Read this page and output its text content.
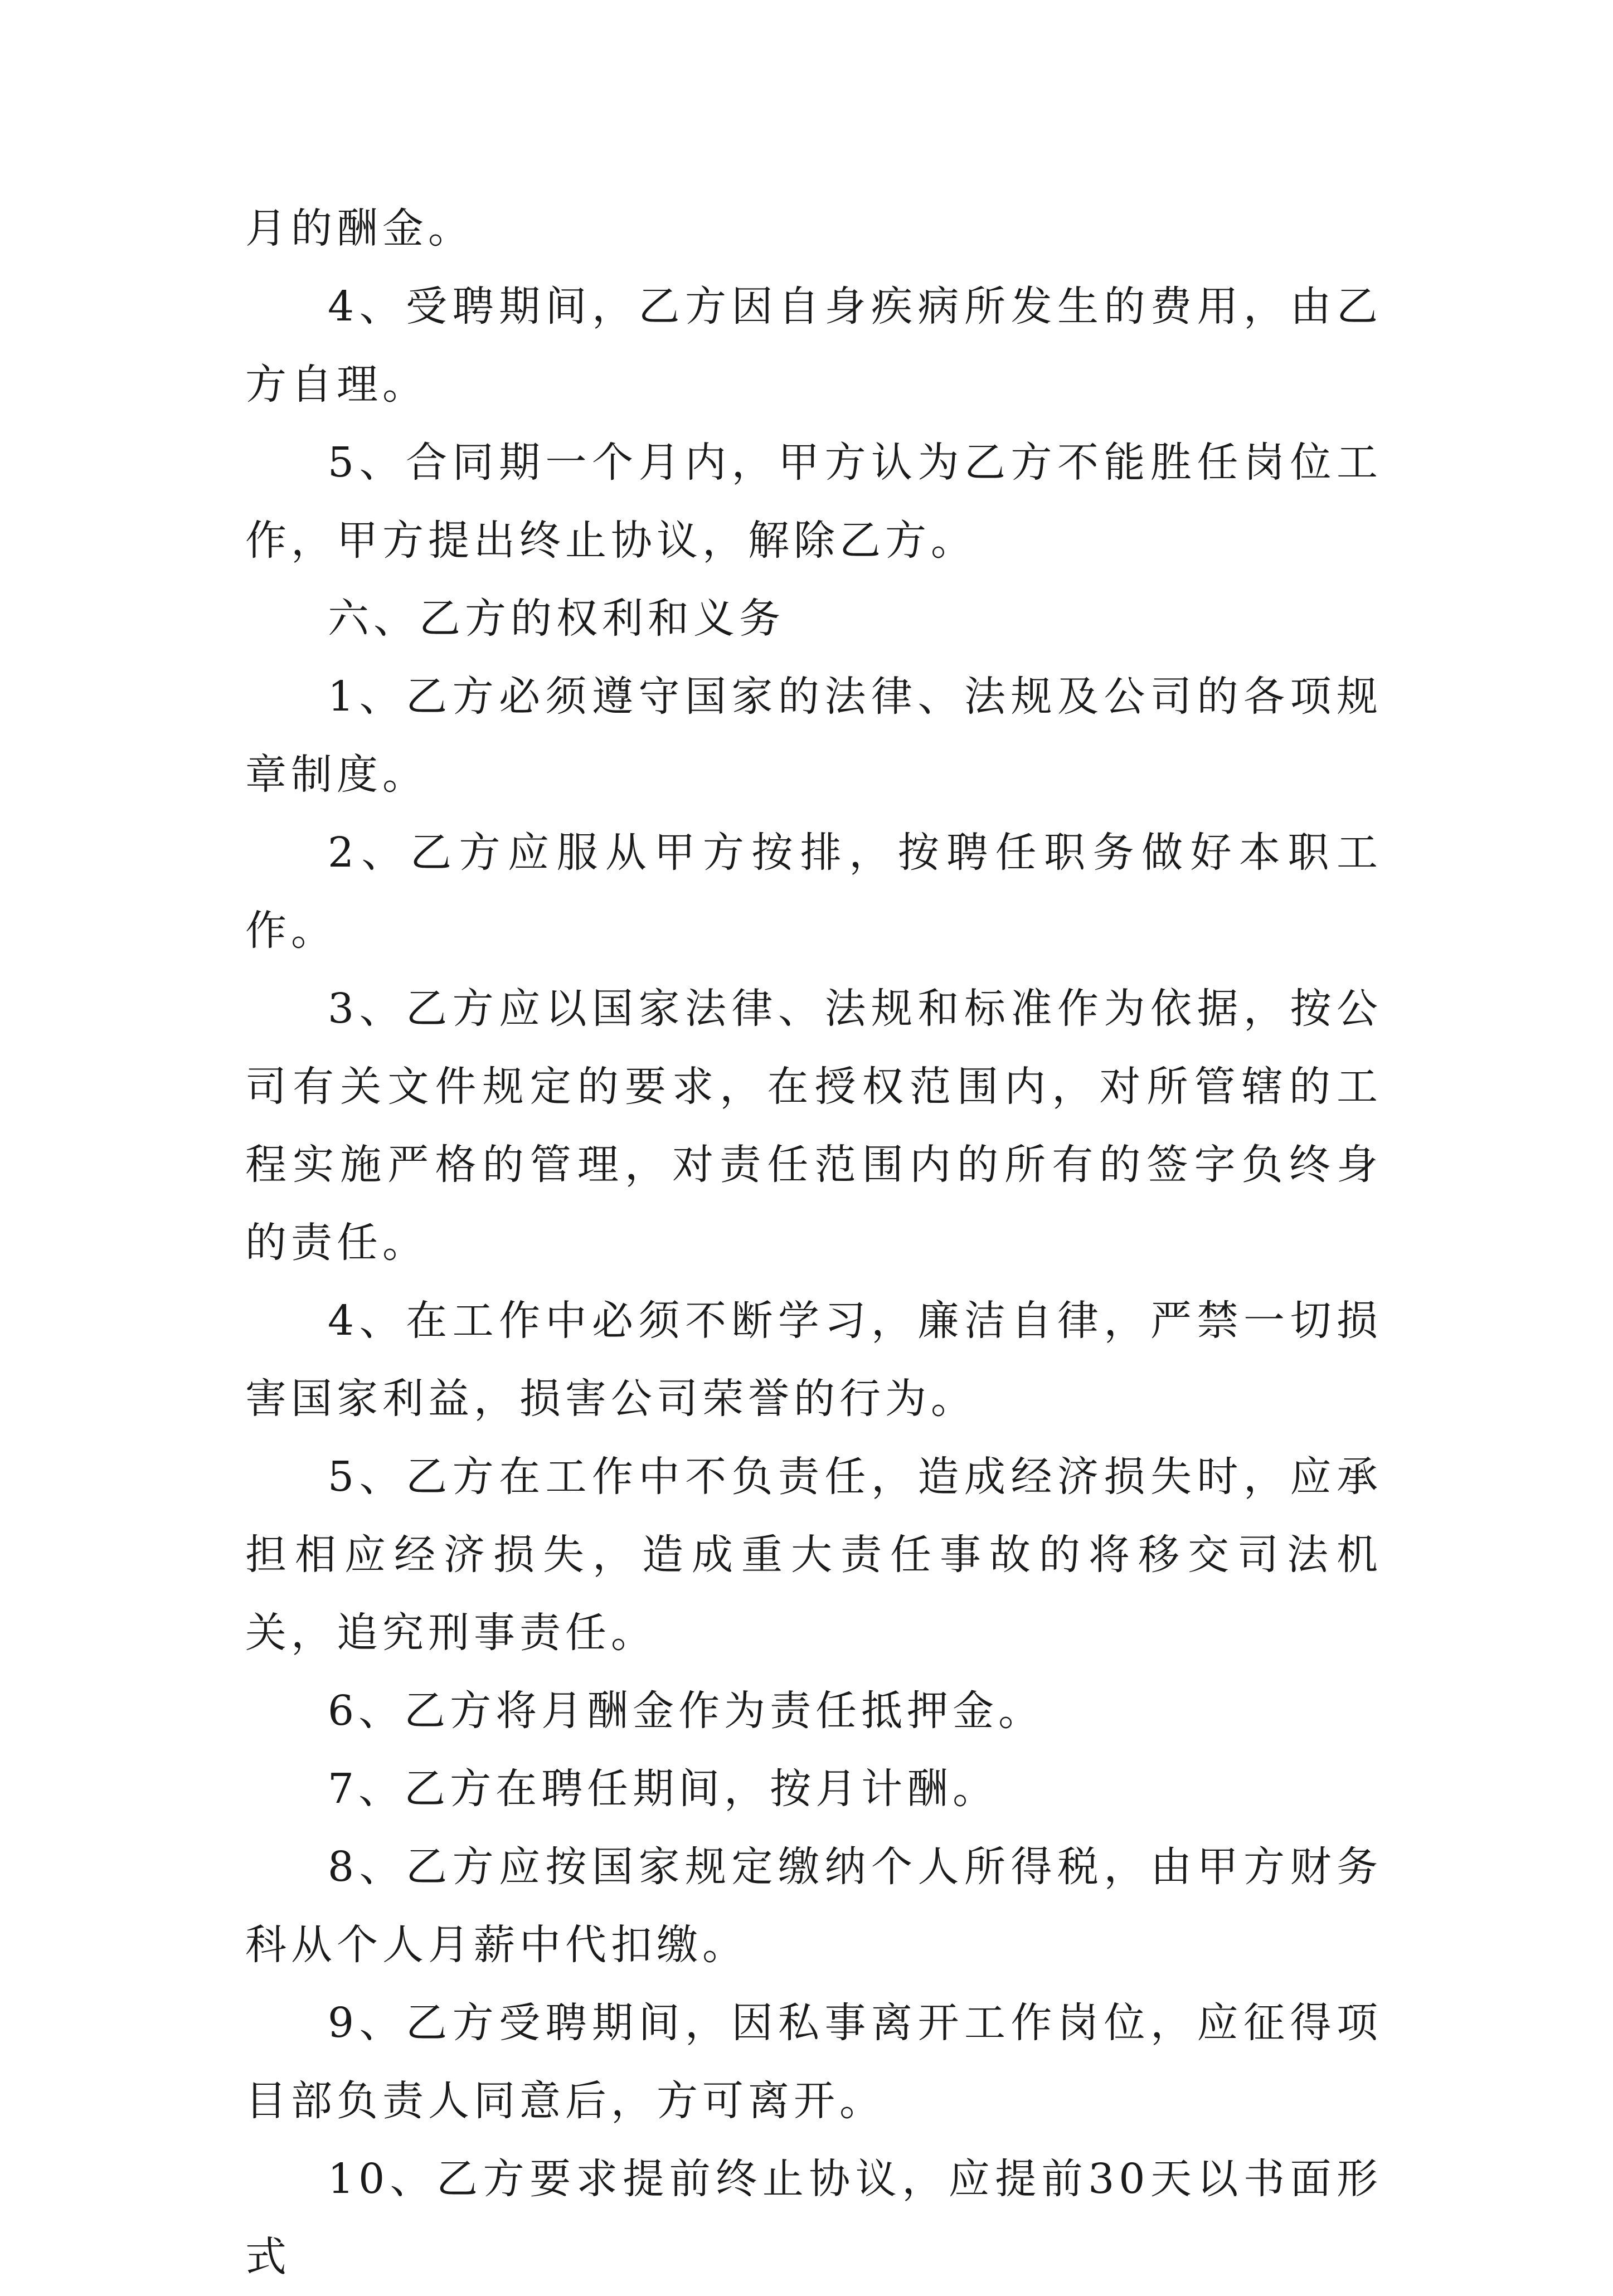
月的酬金。

4、受聘期间，乙方因自身疾病所发生的费用，由乙方自理。

5、合同期一个月内，甲方认为乙方不能胜任岗位工作，甲方提出终止协议，解除乙方。

六、乙方的权利和义务

1、乙方必须遵守国家的法律、法规及公司的各项规章制度。

2、乙方应服从甲方按排，按聘任职务做好本职工作。

3、乙方应以国家法律、法规和标准作为依据，按公司有关文件规定的要求，在授权范围内，对所管辖的工程实施严格的管理，对责任范围内的所有的签字负终身的责任。

4、在工作中必须不断学习，廉洁自律，严禁一切损害国家利益，损害公司荣誉的行为。

5、乙方在工作中不负责任，造成经济损失时，应承担相应经济损失，造成重大责任事故的将移交司法机关，追究刑事责任。

6、乙方将月酬金作为责任抵押金。

7、乙方在聘任期间，按月计酬。

8、乙方应按国家规定缴纳个人所得税，由甲方财务科从个人月薪中代扣缴。

9、乙方受聘期间，因私事离开工作岗位，应征得项目部负责人同意后，方可离开。

10、乙方要求提前终止协议，应提前30天以书面形式
